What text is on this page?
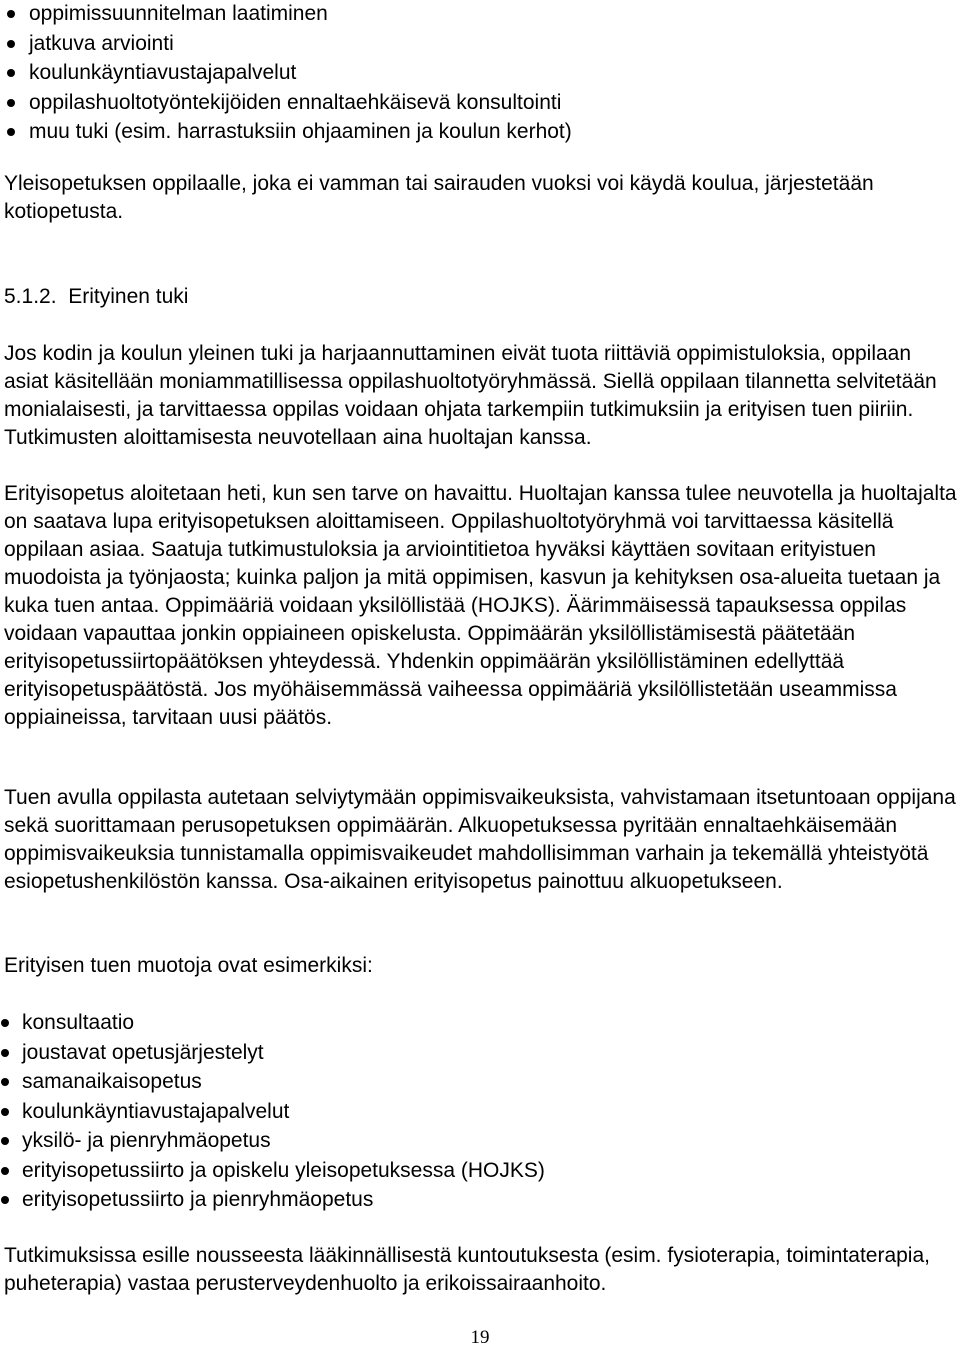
oppimissuunnitelman laatiminen
jatkuva arviointi
koulunkäyntiavustajapalvelut
oppilashuoltotyöntekijöiden ennaltaehkäisevä konsultointi
muu tuki (esim. harrastuksiin ohjaaminen ja koulun kerhot)

Yleisopetuksen oppilaalle, joka ei vamman tai sairauden vuoksi voi käydä koulua, järjestetään kotiopetusta.

5.1.2. Erityinen tuki

Jos kodin ja koulun yleinen tuki ja harjaannuttaminen eivät tuota riittäviä oppimistuloksia, oppilaan asiat käsitellään moniammatillisessa oppilashuoltotyöryhmässä. Siellä oppilaan tilannetta selvitetään monialaisesti, ja tarvittaessa oppilas voidaan ohjata tarkempiin tutkimuksiin ja erityisen tuen piiriin. Tutkimusten aloittamisesta neuvotellaan aina huoltajan kanssa.

Erityisopetus aloitetaan heti, kun sen tarve on havaittu. Huoltajan kanssa tulee neuvotella ja huoltajalta on saatava lupa erityisopetuksen aloittamiseen. Oppilashuoltotyöryhmä voi tarvittaessa käsitellä oppilaan asiaa. Saatuja tutkimustuloksia ja arviointitietoa hyväksi käyttäen sovitaan erityistuen muodoista ja työnjaosta; kuinka paljon ja mitä oppimisen, kasvun ja kehityksen osa-alueita tuetaan ja kuka tuen antaa. Oppimääriä voidaan yksilöllistää (HOJKS). Äärimmäisessä tapauksessa oppilas voidaan vapauttaa jonkin oppiaineen opiskelusta. Oppimäärän yksilöllistämisestä päätetään erityisopetussiirtopäätöksen yhteydessä. Yhdenkin oppimäärän yksilöllistäminen edellyttää erityisopetuspäätöstä. Jos myöhäisemmässä vaiheessa oppimääriä yksilöllistetään useammissa oppiaineissa, tarvitaan uusi päätös.

Tuen avulla oppilasta autetaan selviytymään oppimisvaikeuksista, vahvistamaan itsetuntoaan oppijana sekä suorittamaan perusopetuksen oppimäärän. Alkuopetuksessa pyritään ennaltaehkäisemään oppimisvaikeuksia tunnistamalla oppimisvaikeudet mahdollisimman varhain ja tekemällä yhteistyötä esiopetushenkilöstön kanssa. Osa-aikainen erityisopetus painottuu alkuopetukseen.

Erityisen tuen muotoja ovat esimerkiksi:

konsultaatio
joustavat opetusjärjestelyt
samanaikaisopetus
koulunkäyntiavustajapalvelut
yksilö- ja pienryhmäopetus
erityisopetussiirto ja opiskelu yleisopetuksessa (HOJKS)
erityisopetussiirto ja pienryhmäopetus

Tutkimuksissa esille nousseesta lääkinnällisestä kuntoutuksesta (esim. fysioterapia, toimintaterapia, puheterapia) vastaa perusterveydenhuolto ja erikoissairaanhoito.

19
